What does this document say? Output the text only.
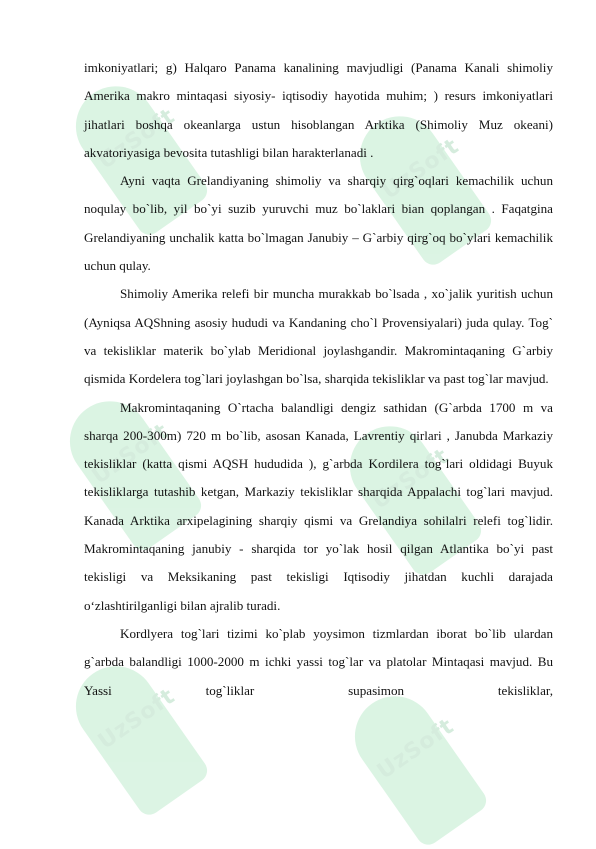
UzSoft	UzSoft
UzSoft	UzSoft
UzSoft	UzSoft

imkoniyatlari; g) Halqaro Panama kanalining mavjudligi (Panama Kanali shimoliy Amerika makro mintaqasi siyosiy- iqtisodiy hayotida muhim; ) resurs imkoniyatlari jihatlari boshqa okeanlarga ustun hisoblangan Arktika (Shimoliy Muz okeani) akvatoriyasiga bevosita tutashligi bilan harakterlanadi .

Ayni vaqta Grelandiyaning shimoliy va sharqiy qirg`oqlari kemachilik uchun noqulay bo`lib, yil bo`yi suzib yuruvchi muz bo`laklari bian qoplangan . Faqatgina Grelandiyaning unchalik katta bo`lmagan Janubiy – G`arbiy qirg`oq bo`ylari kemachilik uchun qulay.

Shimoliy Amerika relefi bir muncha murakkab bo`lsada , xo`jalik yuritish uchun (Ayniqsa AQShning asosiy hududi va Kandaning cho`l Provensiyalari) juda qulay. Tog` va tekisliklar materik bo`ylab Meridional joylashgandir. Makromintaqaning G`arbiy qismida Kordelera tog`lari joylashgan bo`lsa, sharqida tekisliklar va past tog`lar mavjud.

Makromintaqaning O`rtacha balandligi dengiz sathidan (G`arbda 1700 m va sharqa 200-300m) 720 m bo`lib, asosan Kanada, Lavrentiy qirlari , Janubda Markaziy tekisliklar (katta qismi AQSH hududida ), g`arbda Kordilera tog`lari oldidagi Buyuk tekisliklarga tutashib ketgan, Markaziy tekisliklar sharqida Appalachi tog`lari mavjud. Kanada Arktika arxipelagining sharqiy qismi va Grelandiya sohilalri relefi tog`lidir. Makromintaqaning janubiy - sharqida tor yo`lak hosil qilgan Atlantika bo`yi past tekisligi va Meksikaning past tekisligi Iqtisodiy jihatdan kuchli darajada o‘zlashtirilganligi bilan ajralib turadi.

Kordlyera tog`lari tizimi ko`plab yoysimon tizmlardan iborat bo`lib ulardan g`arbda balandligi 1000-2000 m ichki yassi tog`lar va platolar Mintaqasi mavjud. Bu Yassi tog`liklar supasimon tekisliklar,
